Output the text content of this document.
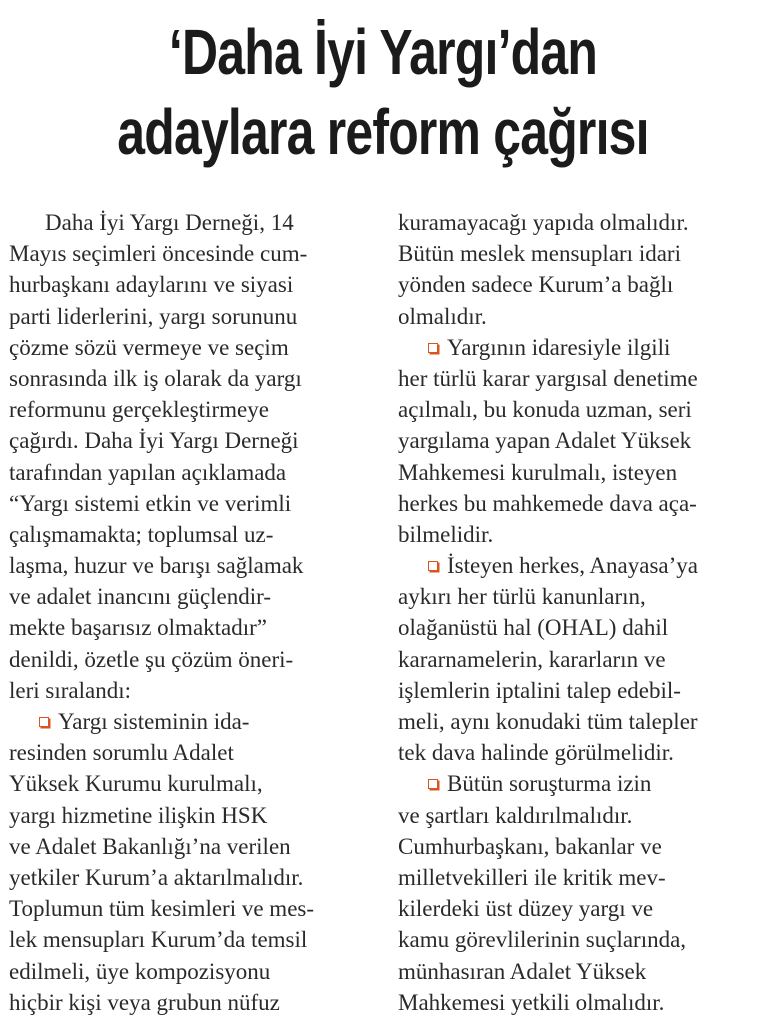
‘Daha İyi Yargı’dan
adaylara reform çağrısı
Daha İyi Yargı Derneği, 14
Mayıs seçimleri öncesinde cum-
hurbaşkanı adaylarını ve siyasi
parti liderlerini, yargı sorununu
çözme sözü vermeye ve seçim
sonrasında ilk iş olarak da yargı
reformunu gerçekleştirmeye
çağırdı. Daha İyi Yargı Derneği
tarafından yapılan açıklamada
“Yargı sistemi etkin ve verimli
çalışmamakta; toplumsal uz-
laşma, huzur ve barışı sağlamak
ve adalet inancını güçlendir-
mekte başarısız olmaktadır”
denildi, özetle şu çözüm öneri-
leri sıralandı:
Yargı sisteminin ida-
resinden sorumlu Adalet
Yüksek Kurumu kurulmalı,
yargı hizmetine ilişkin HSK
ve Adalet Bakanlığı’na verilen
yetkiler Kurum’a aktarılmalıdır.
Toplumun tüm kesimleri ve mes-
lek mensupları Kurum’da temsil
edilmeli, üye kompozisyonu
hiçbir kişi veya grubun nüfuz
kuramayacağı yapıda olmalıdır.
Bütün meslek mensupları idari
yönden sadece Kurum’a bağlı
olmalıdır.
Yargının idaresiyle ilgili
her türlü karar yargısal denetime
açılmalı, bu konuda uzman, seri
yargılama yapan Adalet Yüksek
Mahkemesi kurulmalı, isteyen
herkes bu mahkemede dava aça-
bilmelidir.
İsteyen herkes, Anayasa’ya
aykırı her türlü kanunların,
olağanüstü hal (OHAL) dahil
kararnamelerin, kararların ve
işlemlerin iptalini talep edebil-
meli, aynı konudaki tüm talepler
tek dava halinde görülmelidir.
Bütün soruşturma izin
ve şartları kaldırılmalıdır.
Cumhurbaşkanı, bakanlar ve
milletvekilleri ile kritik mev-
kilerdeki üst düzey yargı ve
kamu görevlilerinin suçlarında,
münhasıran Adalet Yüksek
Mahkemesi yetkili olmalıdır.
